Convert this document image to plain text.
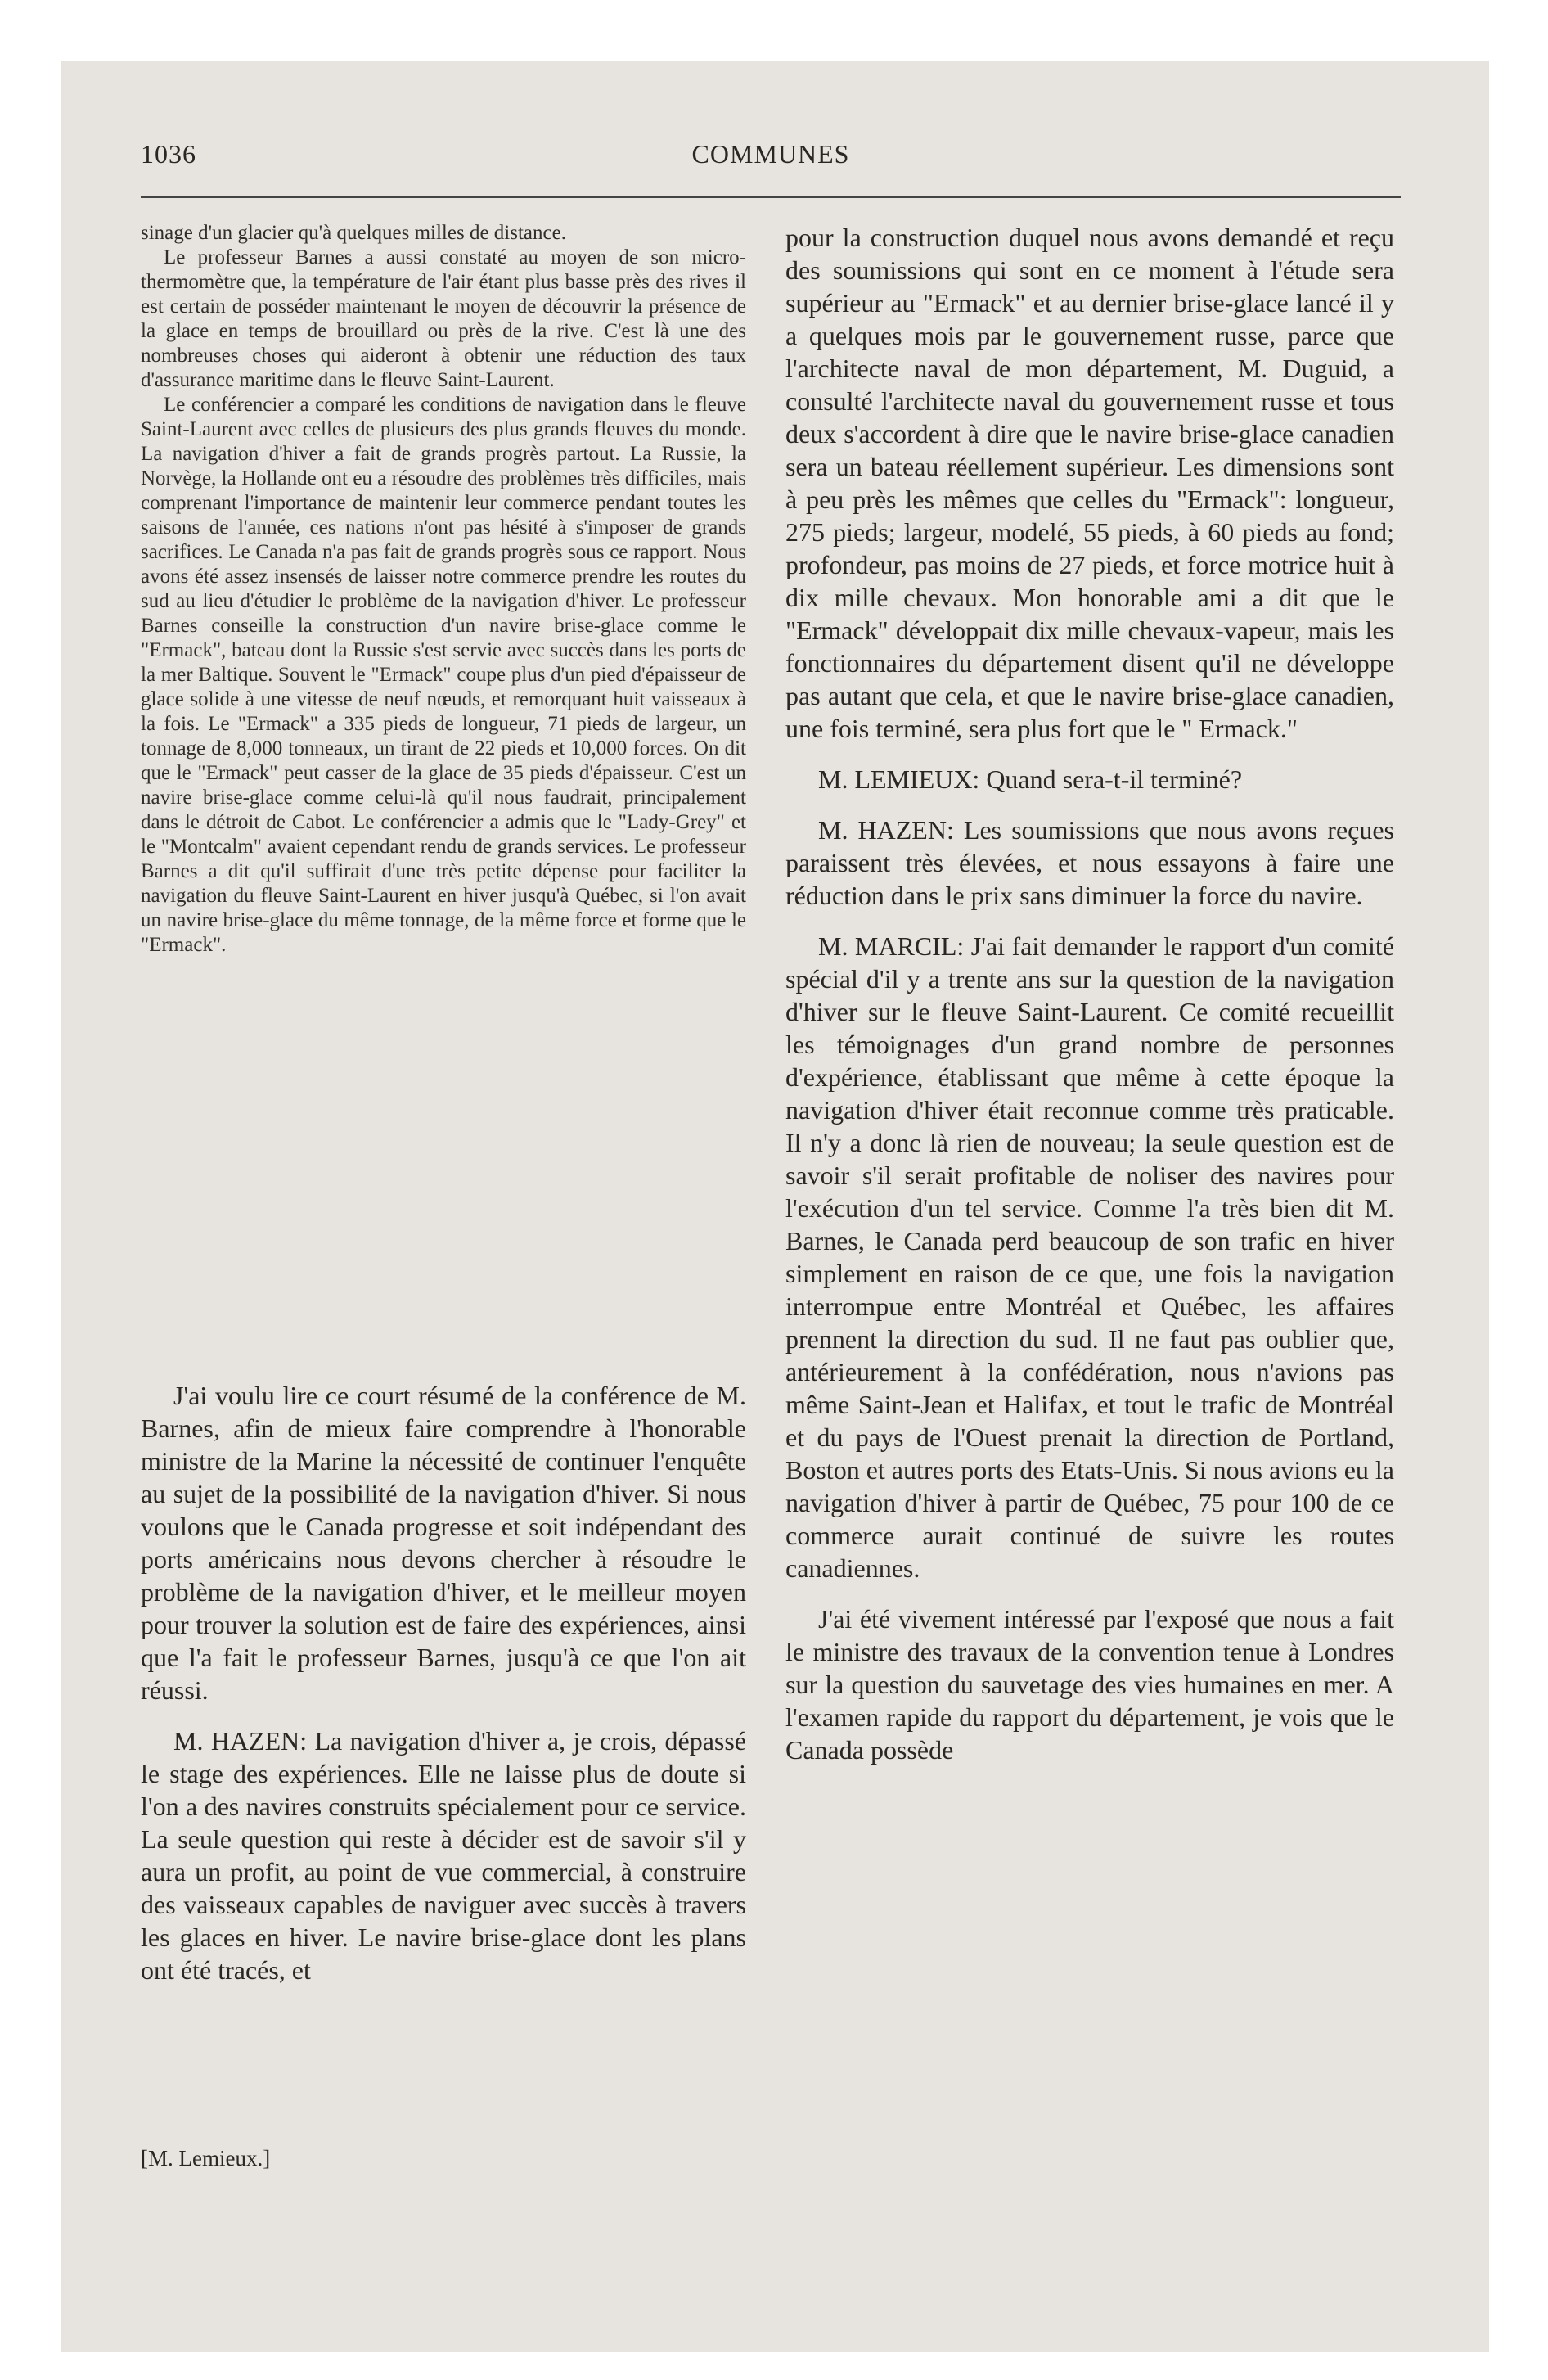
1036	COMMUNES

sinage d'un glacier qu'à quelques milles de distance.

Le professeur Barnes a aussi constaté au moyen de son micro-thermomètre que, la température de l'air étant plus basse près des rives il est certain de posséder maintenant le moyen de découvrir la présence de la glace en temps de brouillard ou près de la rive. C'est là une des nombreuses choses qui aideront à obtenir une réduction des taux d'assurance maritime dans le fleuve Saint-Laurent.

Le conférencier a comparé les conditions de navigation dans le fleuve Saint-Laurent avec celles de plusieurs des plus grands fleuves du monde. La navigation d'hiver a fait de grands progrès partout. La Russie, la Norvège, la Hollande ont eu a résoudre des problèmes très difficiles, mais comprenant l'importance de maintenir leur commerce pendant toutes les saisons de l'année, ces nations n'ont pas hésité à s'imposer de grands sacrifices. Le Canada n'a pas fait de grands progrès sous ce rapport. Nous avons été assez insensés de laisser notre commerce prendre les routes du sud au lieu d'étudier le problème de la navigation d'hiver. Le professeur Barnes conseille la construction d'un navire brise-glace comme le "Ermack", bateau dont la Russie s'est servie avec succès dans les ports de la mer Baltique. Souvent le "Ermack" coupe plus d'un pied d'épaisseur de glace solide à une vitesse de neuf nœuds, et remorquant huit vaisseaux à la fois. Le "Ermack" a 335 pieds de longueur, 71 pieds de largeur, un tonnage de 8,000 tonneaux, un tirant de 22 pieds et 10,000 forces. On dit que le "Ermack" peut casser de la glace de 35 pieds d'épaisseur. C'est un navire brise-glace comme celui-là qu'il nous faudrait, principalement dans le détroit de Cabot. Le conférencier a admis que le "Lady-Grey" et le "Montcalm" avaient cependant rendu de grands services. Le professeur Barnes a dit qu'il suffirait d'une très petite dépense pour faciliter la navigation du fleuve Saint-Laurent en hiver jusqu'à Québec, si l'on avait un navire brise-glace du même tonnage, de la même force et forme que le "Ermack".

J'ai voulu lire ce court résumé de la conférence de M. Barnes, afin de mieux faire comprendre à l'honorable ministre de la Marine la nécessité de continuer l'enquête au sujet de la possibilité de la navigation d'hiver. Si nous voulons que le Canada progresse et soit indépendant des ports américains nous devons chercher à résoudre le problème de la navigation d'hiver, et le meilleur moyen pour trouver la solution est de faire des expériences, ainsi que l'a fait le professeur Barnes, jusqu'à ce que l'on ait réussi.

M. HAZEN: La navigation d'hiver a, je crois, dépassé le stage des expériences. Elle ne laisse plus de doute si l'on a des navires construits spécialement pour ce service. La seule question qui reste à décider est de savoir s'il y aura un profit, au point de vue commercial, à construire des vaisseaux capables de naviguer avec succès à travers les glaces en hiver. Le navire brise-glace dont les plans ont été tracés, et

[M. Lemieux.]

pour la construction duquel nous avons demandé et reçu des soumissions qui sont en ce moment à l'étude sera supérieur au "Ermack" et au dernier brise-glace lancé il y a quelques mois par le gouvernement russe, parce que l'architecte naval de mon département, M. Duguid, a consulté l'architecte naval du gouvernement russe et tous deux s'accordent à dire que le navire brise-glace canadien sera un bateau réellement supérieur. Les dimensions sont à peu près les mêmes que celles du "Ermack": longueur, 275 pieds; largeur, modelé, 55 pieds, à 60 pieds au fond; profondeur, pas moins de 27 pieds, et force motrice huit à dix mille chevaux. Mon honorable ami a dit que le "Ermack" développait dix mille chevaux-vapeur, mais les fonctionnaires du département disent qu'il ne développe pas autant que cela, et que le navire brise-glace canadien, une fois terminé, sera plus fort que le " Ermack."

M. LEMIEUX: Quand sera-t-il terminé?

M. HAZEN: Les soumissions que nous avons reçues paraissent très élevées, et nous essayons à faire une réduction dans le prix sans diminuer la force du navire.

M. MARCIL: J'ai fait demander le rapport d'un comité spécial d'il y a trente ans sur la question de la navigation d'hiver sur le fleuve Saint-Laurent. Ce comité recueillit les témoignages d'un grand nombre de personnes d'expérience, établissant que même à cette époque la navigation d'hiver était reconnue comme très praticable. Il n'y a donc là rien de nouveau; la seule question est de savoir s'il serait profitable de noliser des navires pour l'exécution d'un tel service. Comme l'a très bien dit M. Barnes, le Canada perd beaucoup de son trafic en hiver simplement en raison de ce que, une fois la navigation interrompue entre Montréal et Québec, les affaires prennent la direction du sud. Il ne faut pas oublier que, antérieurement à la confédération, nous n'avions pas même Saint-Jean et Halifax, et tout le trafic de Montréal et du pays de l'Ouest prenait la direction de Portland, Boston et autres ports des Etats-Unis. Si nous avions eu la navigation d'hiver à partir de Québec, 75 pour 100 de ce commerce aurait continué de suivre les routes canadiennes.

J'ai été vivement intéressé par l'exposé que nous a fait le ministre des travaux de la convention tenue à Londres sur la question du sauvetage des vies humaines en mer. A l'examen rapide du rapport du département, je vois que le Canada possède
